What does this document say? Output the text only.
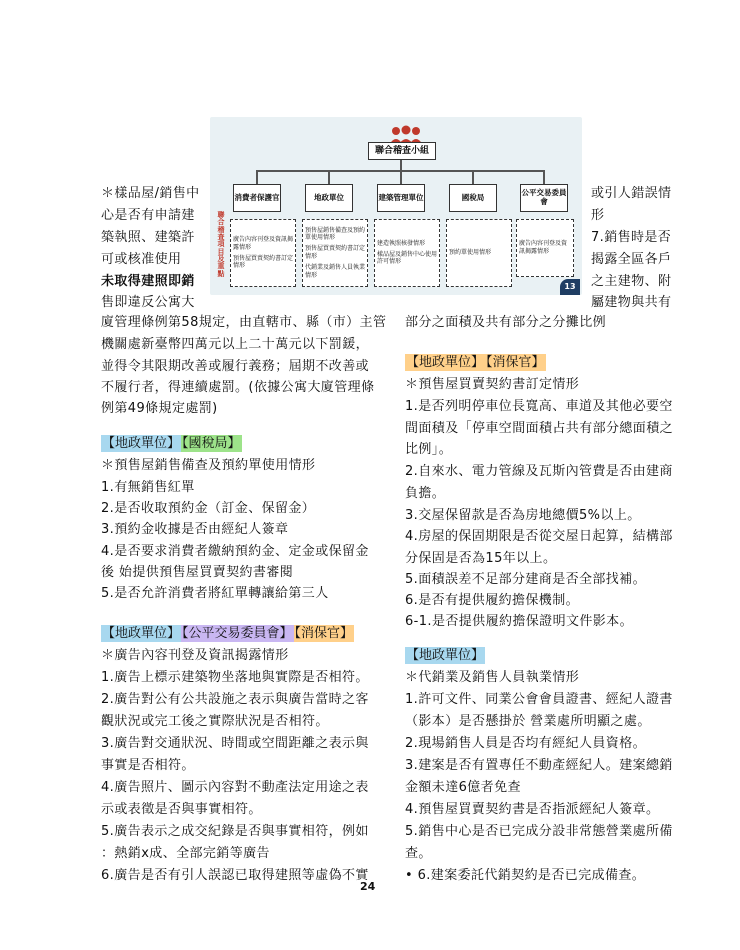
聯合稽查小組
聯合稽查項目及重點
消費者保護官	地政單位	建築管理單位	國稅局	公平交易委員會
廣告內容刊登及資訊揭露情形
預售屋買賣契約書訂定情形
預售屋銷售備查及預約單使用情形
預售屋買賣契約書訂定情形
代銷業及銷售人員執業情形
建造執照核發情形
樣品屋及銷售中心使用許可情形
預約單使用情形
廣告內容刊登及資訊揭露情形
13
＊樣品屋/銷售中
心是否有申請建
築執照、建築許
可或核准使用
未取得建照即銷
售即違反公寓大
廈管理條例第58規定，由直轄市、縣（市）主管
機關處新臺幣四萬元以上二十萬元以下罰鍰，
並得令其限期改善或履行義務；屆期不改善或
不履行者，得連續處罰。(依據公寓大廈管理條
例第49條規定處罰)
【地政單位】 【國稅局】
＊預售屋銷售備查及預約單使用情形
1.有無銷售紅單
2.是否收取預約金（訂金、保留金）
3.預約金收據是否由經紀人簽章
4.是否要求消費者繳納預約金、定金或保留金
後 始提供預售屋買賣契約書審閱
5.是否允許消費者將紅單轉讓給第三人
【地政單位】 【公平交易委員會】 【消保官】
＊廣告內容刊登及資訊揭露情形
1.廣告上標示建築物坐落地與實際是否相符。
2.廣告對公有公共設施之表示與廣告當時之客
觀狀況或完工後之實際狀況是否相符。
3.廣告對交通狀況、時間或空間距離之表示與
事實是否相符。
4.廣告照片、圖示內容對不動產法定用途之表
示或表徵是否與事實相符。
5.廣告表示之成交紀錄是否與事實相符，例如
：熱銷x成、全部完銷等廣告
6.廣告是否有引人誤認已取得建照等虛偽不實
或引人錯誤情
形
7.銷售時是否
揭露全區各戶
之主建物、附
屬建物與共有
部分之面積及共有部分之分攤比例
【地政單位】 【消保官】
＊預售屋買賣契約書訂定情形
1.是否列明停車位長寬高、車道及其他必要空
間面積及「停車空間面積占共有部分總面積之
比例」。
2.自來水、電力管線及瓦斯內管費是否由建商
負擔。
3.交屋保留款是否為房地總價5%以上。
4.房屋的保固期限是否從交屋日起算，結構部
分保固是否為15年以上。
5.面積誤差不足部分建商是否全部找補。
6.是否有提供履約擔保機制。
6-1.是否提供履約擔保證明文件影本。
【地政單位】
＊代銷業及銷售人員執業情形
1.許可文件、同業公會會員證書、經紀人證書
（影本）是否懸掛於 營業處所明顯之處。
2.現場銷售人員是否均有經紀人員資格。
3.建案是否有置專任不動產經紀人。建案總銷
金額未達6億者免查
4.預售屋買賣契約書是否指派經紀人簽章。
5.銷售中心是否已完成分設非常態營業處所備
查。
• 6.建案委託代銷契約是否已完成備查。
24
